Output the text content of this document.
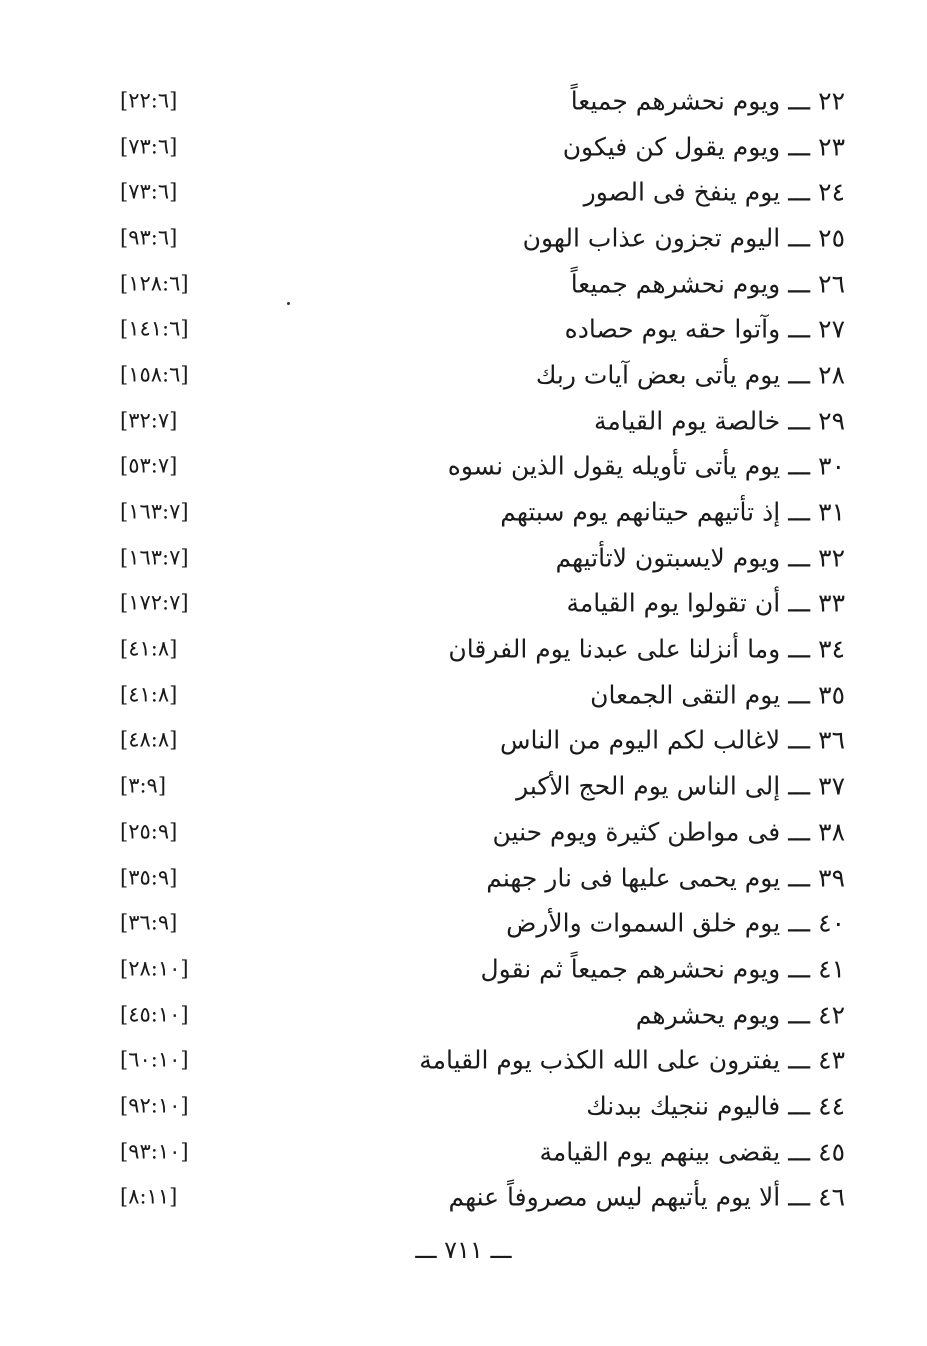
٢٢ـــويوم نحشرهم جميعاً
[٢٢:٦]
٢٣ـــويوم يقول كن فيكون
[٧٣:٦]
٢٤ـــيوم ينفخ فى الصور
[٧٣:٦]
٢٥ـــاليوم تجزون عذاب الهون
[٩٣:٦]
٢٦ـــويوم نحشرهم جميعاً
[١٢٨:٦]
٢٧ـــوآتوا حقه يوم حصاده
[١٤١:٦]
٢٨ـــيوم يأتى بعض آيات ربك
[١٥٨:٦]
٢٩ـــخالصة يوم القيامة
[٣٢:٧]
٣٠ـــيوم يأتى تأويله يقول الذين نسوه
[٥٣:٧]
٣١ـــإذ تأتيهم حيتانهم يوم سبتهم
[١٦٣:٧]
٣٢ـــويوم لايسبتون لاتأتيهم
[١٦٣:٧]
٣٣ـــأن تقولوا يوم القيامة
[١٧٢:٧]
٣٤ـــوما أنزلنا على عبدنا يوم الفرقان
[٤١:٨]
٣٥ـــيوم التقى الجمعان
[٤١:٨]
٣٦ـــلاغالب لكم اليوم من الناس
[٤٨:٨]
٣٧ـــإلى الناس يوم الحج الأكبر
[٣:٩]
٣٨ـــفى مواطن كثيرة ويوم حنين
[٢٥:٩]
٣٩ـــيوم يحمى عليها فى نار جهنم
[٣٥:٩]
٤٠ـــيوم خلق السموات والأرض
[٣٦:٩]
٤١ـــويوم نحشرهم جميعاً ثم نقول
[٢٨:١٠]
٤٢ـــويوم يحشرهم
[٤٥:١٠]
٤٣ـــيفترون على الله الكذب يوم القيامة
[٦٠:١٠]
٤٤ـــفاليوم ننجيك ببدنك
[٩٢:١٠]
٤٥ـــيقضى بينهم يوم القيامة
[٩٣:١٠]
٤٦ـــألا يوم يأتيهم ليس مصروفاً عنهم
[٨:١١]
ـــ ٧١١ ـــ
